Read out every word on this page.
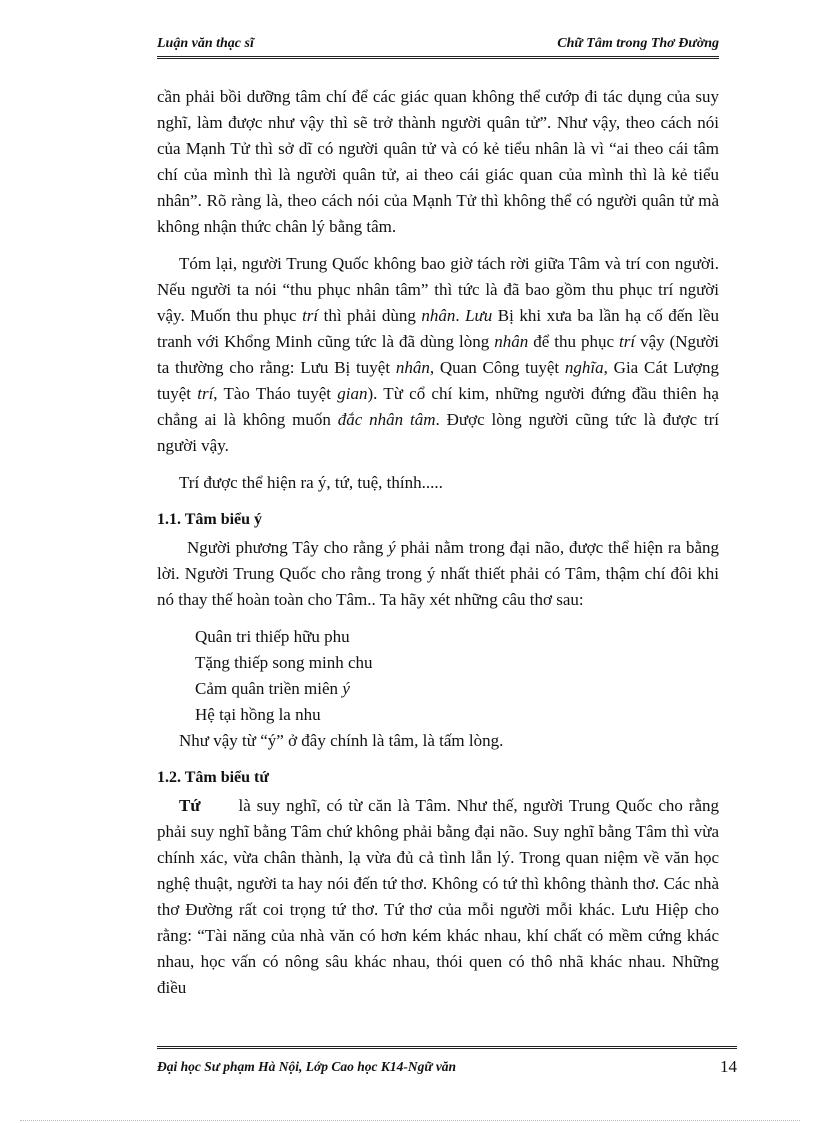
Luận văn thạc sĩ	Chữ Tâm trong Thơ Đường

cần phải bồi dưỡng tâm chí để các giác quan không thể cướp đi tác dụng của suy nghĩ, làm được như vậy thì sẽ trở thành người quân tử”. Như vậy, theo cách nói của Mạnh Tử thì sở dĩ có người quân tử và có kẻ tiểu nhân là vì “ai theo cái tâm chí của mình thì là người quân tử, ai theo cái giác quan của mình thì là kẻ tiểu nhân”. Rõ ràng là, theo cách nói của Mạnh Tử thì không thể có người quân tử mà không nhận thức chân lý bằng tâm.

Tóm lại, người Trung Quốc không bao giờ tách rời giữa Tâm và trí con người. Nếu người ta nói “thu phục nhân tâm” thì tức là đã bao gồm thu phục trí người vậy. Muốn thu phục trí thì phải dùng nhân. Lưu Bị khi xưa ba lần hạ cố đến lều tranh với Khổng Minh cũng tức là đã dùng lòng nhân để thu phục trí vậy (Người ta thường cho rằng: Lưu Bị tuyệt nhân, Quan Công tuyệt nghĩa, Gia Cát Lượng tuyệt trí, Tào Tháo tuyệt gian). Từ cổ chí kim, những người đứng đầu thiên hạ chẳng ai là không muốn đắc nhân tâm. Được lòng người cũng tức là được trí người vậy.

Trí được thể hiện ra ý, tứ, tuệ, thính.....

1.1. Tâm biểu ý

Người phương Tây cho rằng ý phải nằm trong đại não, được thể hiện ra bằng lời. Người Trung Quốc cho rằng trong ý nhất thiết phải có Tâm, thậm chí đôi khi nó thay thế hoàn toàn cho Tâm.. Ta hãy xét những câu thơ sau:

Quân tri thiếp hữu phu
Tặng thiếp song minh chu
Cảm quân triền miên ý
Hệ tại hồng la nhu

Như vậy từ “ý” ở đây chính là tâm, là tấm lòng.

1.2. Tâm biểu tứ

Tứ là suy nghĩ, có từ căn là Tâm. Như thế, người Trung Quốc cho rằng phải suy nghĩ bằng Tâm chứ không phải bằng đại não. Suy nghĩ bằng Tâm thì vừa chính xác, vừa chân thành, lạ vừa đủ cả tình lẫn lý. Trong quan niệm về văn học nghệ thuật, người ta hay nói đến tứ thơ. Không có tứ thì không thành thơ. Các nhà thơ Đường rất coi trọng tứ thơ. Tứ thơ của mỗi người mỗi khác. Lưu Hiệp cho rằng: “Tài năng của nhà văn có hơn kém khác nhau, khí chất có mềm cứng khác nhau, học vấn có nông sâu khác nhau, thói quen có thô nhã khác nhau. Những điều

Đại học Sư phạm Hà Nội, Lớp Cao học K14-Ngữ văn	14
